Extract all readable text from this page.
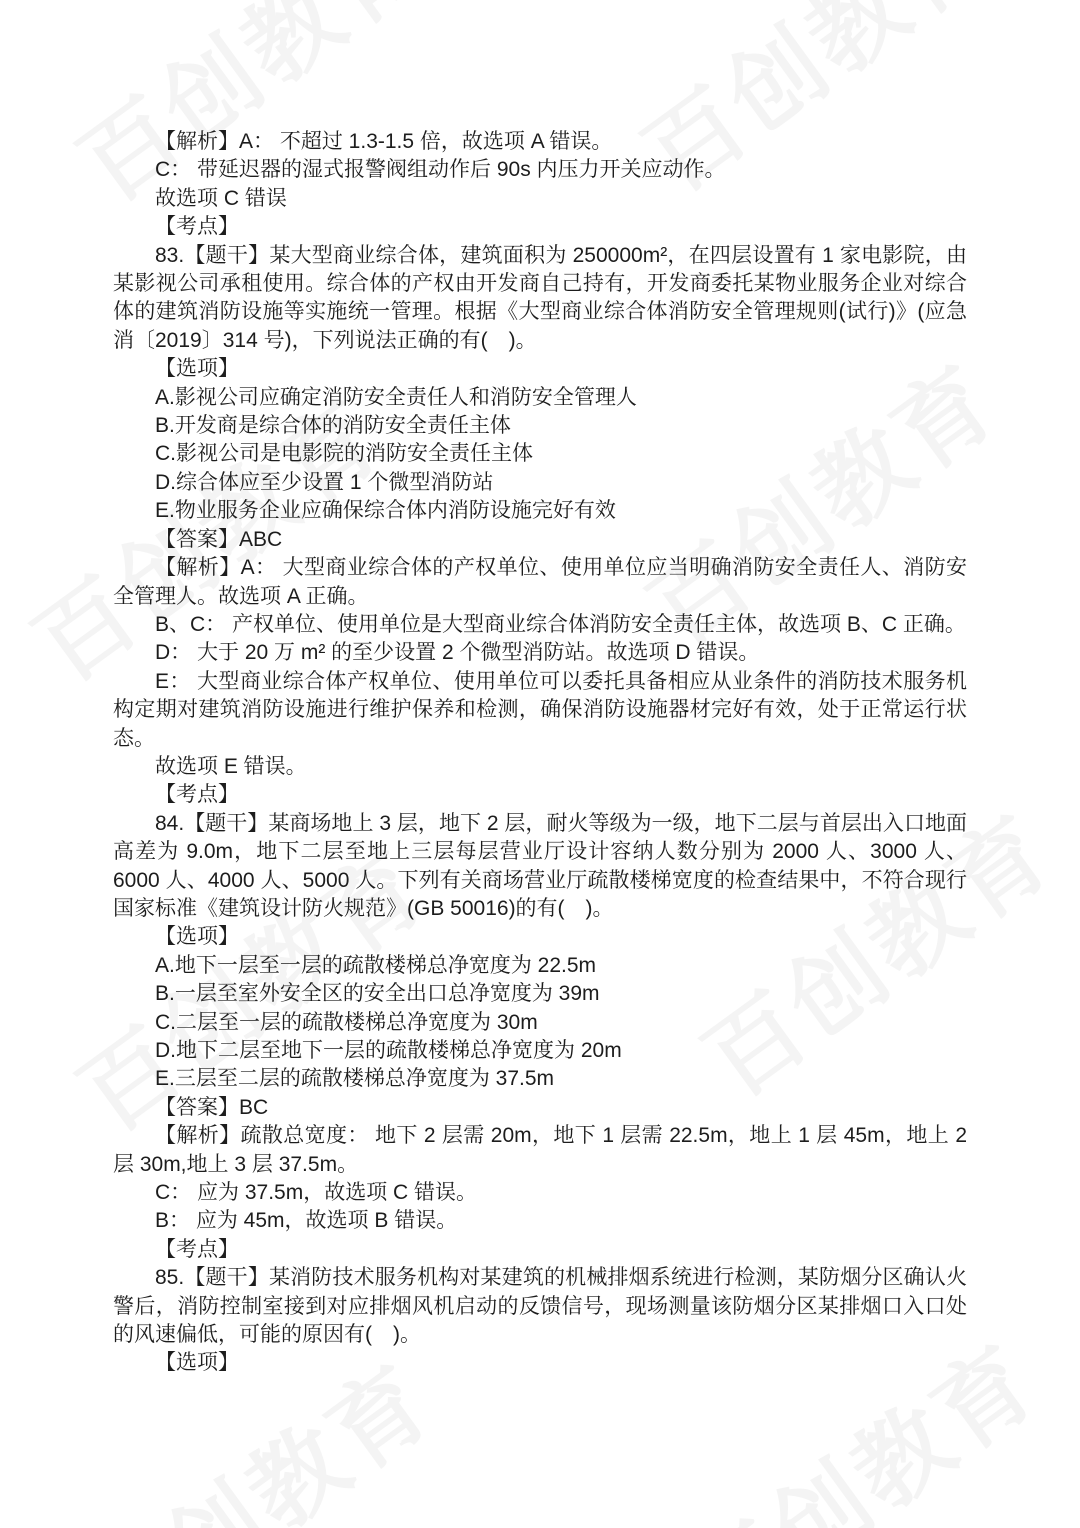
【解析】A： 不超过 1.3-1.5 倍，故选项 A 错误。

C： 带延迟器的湿式报警阀组动作后 90s 内压力开关应动作。

故选项 C 错误

【考点】

83.【题干】某大型商业综合体，建筑面积为 250000m²，在四层设置有 1 家电影院，由某影视公司承租使用。综合体的产权由开发商自己持有，开发商委托某物业服务企业对综合体的建筑消防设施等实施统一管理。根据《大型商业综合体消防安全管理规则(试行)》(应急消〔2019〕314 号)，下列说法正确的有(　)。

【选项】

A.影视公司应确定消防安全责任人和消防安全管理人

B.开发商是综合体的消防安全责任主体

C.影视公司是电影院的消防安全责任主体

D.综合体应至少设置 1 个微型消防站

E.物业服务企业应确保综合体内消防设施完好有效

【答案】ABC

【解析】A： 大型商业综合体的产权单位、使用单位应当明确消防安全责任人、消防安全管理人。故选项 A 正确。

B、C： 产权单位、使用单位是大型商业综合体消防安全责任主体，故选项 B、C 正确。

D： 大于 20 万 m² 的至少设置 2 个微型消防站。故选项 D 错误。

E： 大型商业综合体产权单位、使用单位可以委托具备相应从业条件的消防技术服务机构定期对建筑消防设施进行维护保养和检测，确保消防设施器材完好有效，处于正常运行状态。

故选项 E 错误。

【考点】

84.【题干】某商场地上 3 层，地下 2 层，耐火等级为一级，地下二层与首层出入口地面高差为 9.0m，地下二层至地上三层每层营业厅设计容纳人数分别为 2000 人、3000 人、6000 人、4000 人、5000 人。下列有关商场营业厅疏散楼梯宽度的检查结果中，不符合现行国家标准《建筑设计防火规范》(GB 50016)的有(　)。

【选项】

A.地下一层至一层的疏散楼梯总净宽度为 22.5m

B.一层至室外安全区的安全出口总净宽度为 39m

C.二层至一层的疏散楼梯总净宽度为 30m

D.地下二层至地下一层的疏散楼梯总净宽度为 20m

E.三层至二层的疏散楼梯总净宽度为 37.5m

【答案】BC

【解析】疏散总宽度： 地下 2 层需 20m，地下 1 层需 22.5m，地上 1 层 45m，地上 2 层 30m,地上 3 层 37.5m。

C： 应为 37.5m，故选项 C 错误。

B： 应为 45m，故选项 B 错误。

【考点】

85.【题干】某消防技术服务机构对某建筑的机械排烟系统进行检测，某防烟分区确认火警后，消防控制室接到对应排烟风机启动的反馈信号，现场测量该防烟分区某排烟口入口处的风速偏低，可能的原因有(　)。

【选项】
